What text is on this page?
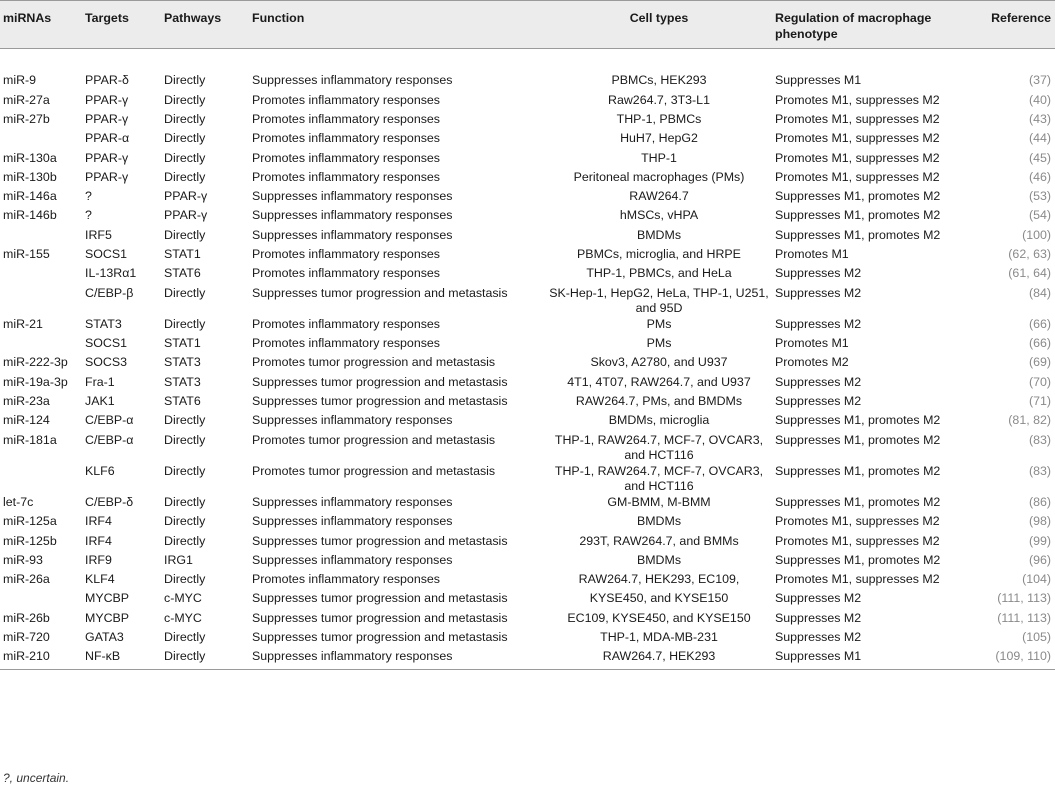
miRNAs	Targets	Pathways	Function	Cell types	Regulation of macrophage phenotype	Reference
miR-9	PPAR-δ	Directly	Suppresses inflammatory responses	PBMCs, HEK293	Suppresses M1	(37)
miR-27a	PPAR-γ	Directly	Promotes inflammatory responses	Raw264.7, 3T3-L1	Promotes M1, suppresses M2	(40)
miR-27b	PPAR-γ	Directly	Promotes inflammatory responses	THP-1, PBMCs	Promotes M1, suppresses M2	(43)
	PPAR-α	Directly	Promotes inflammatory responses	HuH7, HepG2	Promotes M1, suppresses M2	(44)
miR-130a	PPAR-γ	Directly	Promotes inflammatory responses	THP-1	Promotes M1, suppresses M2	(45)
miR-130b	PPAR-γ	Directly	Promotes inflammatory responses	Peritoneal macrophages (PMs)	Promotes M1, suppresses M2	(46)
miR-146a	?	PPAR-γ	Suppresses inflammatory responses	RAW264.7	Suppresses M1, promotes M2	(53)
miR-146b	?	PPAR-γ	Suppresses inflammatory responses	hMSCs, vHPA	Suppresses M1, promotes M2	(54)
	IRF5	Directly	Suppresses inflammatory responses	BMDMs	Suppresses M1, promotes M2	(100)
miR-155	SOCS1	STAT1	Promotes inflammatory responses	PBMCs, microglia, and HRPE	Promotes M1	(62, 63)
	IL-13Rα1	STAT6	Promotes inflammatory responses	THP-1, PBMCs, and HeLa	Suppresses M2	(61, 64)
	C/EBP-β	Directly	Suppresses tumor progression and metastasis	SK-Hep-1, HepG2, HeLa, THP-1, U251, and 95D	Suppresses M2	(84)
miR-21	STAT3	Directly	Promotes inflammatory responses	PMs	Suppresses M2	(66)
	SOCS1	STAT1	Promotes inflammatory responses	PMs	Promotes M1	(66)
miR-222-3p	SOCS3	STAT3	Promotes tumor progression and metastasis	Skov3, A2780, and U937	Promotes M2	(69)
miR-19a-3p	Fra-1	STAT3	Suppresses tumor progression and metastasis	4T1, 4T07, RAW264.7, and U937	Suppresses M2	(70)
miR-23a	JAK1	STAT6	Suppresses tumor progression and metastasis	RAW264.7, PMs, and BMDMs	Suppresses M2	(71)
miR-124	C/EBP-α	Directly	Suppresses inflammatory responses	BMDMs, microglia	Suppresses M1, promotes M2	(81, 82)
miR-181a	C/EBP-α	Directly	Promotes tumor progression and metastasis	THP-1, RAW264.7, MCF-7, OVCAR3, and HCT116	Suppresses M1, promotes M2	(83)
	KLF6	Directly	Promotes tumor progression and metastasis	THP-1, RAW264.7, MCF-7, OVCAR3, and HCT116	Suppresses M1, promotes M2	(83)
let-7c	C/EBP-δ	Directly	Suppresses inflammatory responses	GM-BMM, M-BMM	Suppresses M1, promotes M2	(86)
miR-125a	IRF4	Directly	Suppresses inflammatory responses	BMDMs	Promotes M1, suppresses M2	(98)
miR-125b	IRF4	Directly	Suppresses tumor progression and metastasis	293T, RAW264.7, and BMMs	Promotes M1, suppresses M2	(99)
miR-93	IRF9	IRG1	Suppresses inflammatory responses	BMDMs	Suppresses M1, promotes M2	(96)
miR-26a	KLF4	Directly	Promotes inflammatory responses	RAW264.7, HEK293, EC109,	Promotes M1, suppresses M2	(104)
	MYCBP	c-MYC	Suppresses tumor progression and metastasis	KYSE450, and KYSE150	Suppresses M2	(111, 113)
miR-26b	MYCBP	c-MYC	Suppresses tumor progression and metastasis	EC109, KYSE450, and KYSE150	Suppresses M2	(111, 113)
miR-720	GATA3	Directly	Suppresses tumor progression and metastasis	THP-1, MDA-MB-231	Suppresses M2	(105)
miR-210	NF-κB	Directly	Suppresses inflammatory responses	RAW264.7, HEK293	Suppresses M1	(109, 110)
?, uncertain.
